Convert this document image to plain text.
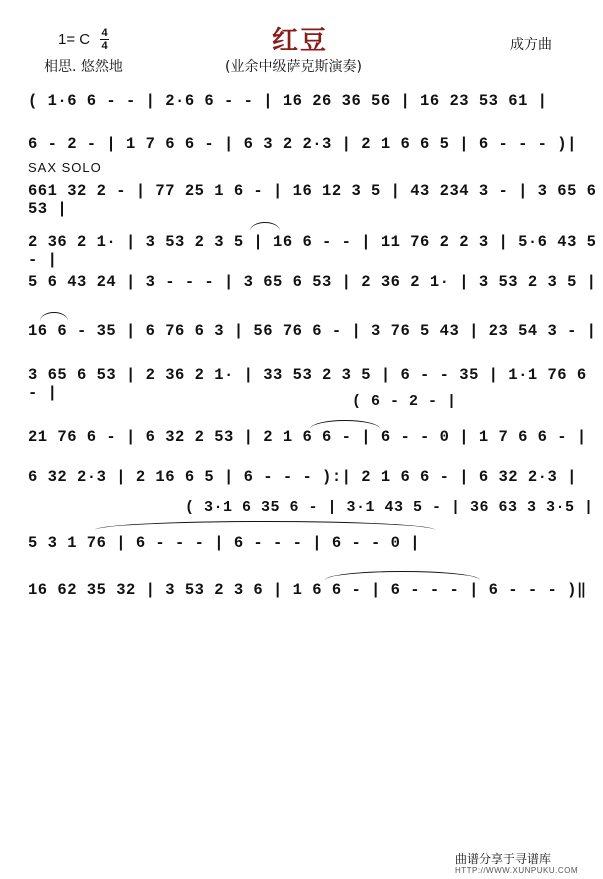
红豆
1= C 4
4	成方曲
相思. 悠然地	(业余中级萨克斯演奏)
SAX SOLO
( 1·6 6 - - | 2·6 6 - - | 16 26 36 56 | 16 23 53 61 |
6 - 2 - | 1 7 6 6 - | 6 3 2 2·3 | 2 1 6 6 5 | 6 - - - )|
661 32 2 - | 77 25 1 6 - | 16 12 3 5 | 43 234 3 - | 3 65 6 53 |
2 36 2 1· | 3 53 2 3 5 | 16 6 - - | 11 76 2 2 3 | 5·6 43 5 - |
5 6 43 24 | 3 - - - | 3 65 6 53 | 2 36 2 1· | 3 53 2 3 5 |
16 6 - 35 | 6 76 6 3 | 56 76 6 - | 3 76 5 43 | 23 54 3 - |
3 65 6 53 | 2 36 2 1· | 33 53 2 3 5 | 6 - - 35 | 1·1 76 6 - |	( 6 - 2 - |
21 76 6 - | 6 32 2 53 | 2 1 6 6 - | 6 - - 0 | 1 7 6 6 - |
6 32 2·3 | 2 16 6 5 | 6 - - - ):| 2 1 6 6 - | 6 32 2·3 |
( 3·1 6 35 6 - | 3·1 43 5 - | 36 63 3 3·5 |
5 3 1 76 | 6 - - - | 6 - - - | 6 - - 0 |
16 62 35 32 | 3 53 2 3 6 | 1 6 6 - | 6 - - - | 6 - - - )‖
曲谱分享于寻谱库
HTTP://WWW.XUNPUKU.COM
